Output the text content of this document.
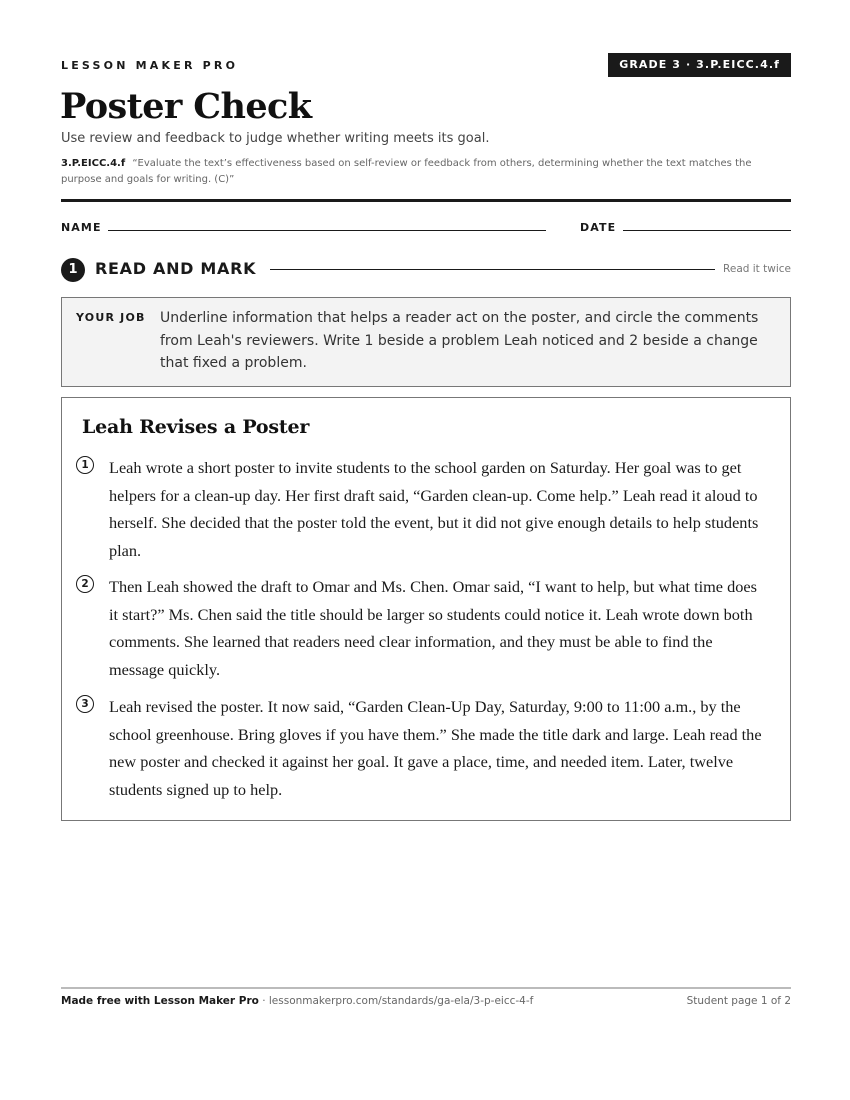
LESSON MAKER PRO	GRADE 3 · 3.P.EICC.4.f
Poster Check
Use review and feedback to judge whether writing meets its goal.
3.P.EICC.4.f “Evaluate the text’s effectiveness based on self-review or feedback from others, determining whether the text matches the purpose and goals for writing. (C)”
NAME	DATE
1	READ AND MARK	Read it twice
YOUR JOB Underline information that helps a reader act on the poster, and circle the comments from Leah's reviewers. Write 1 beside a problem Leah noticed and 2 beside a change that fixed a problem.
Leah Revises a Poster
1	Leah wrote a short poster to invite students to the school garden on Saturday. Her goal was to get helpers for a clean-up day. Her first draft said, “Garden clean-up. Come help.” Leah read it aloud to herself. She decided that the poster told the event, but it did not give enough details to help students plan.
2	Then Leah showed the draft to Omar and Ms. Chen. Omar said, “I want to help, but what time does it start?” Ms. Chen said the title should be larger so students could notice it. Leah wrote down both comments. She learned that readers need clear information, and they must be able to find the message quickly.
3	Leah revised the poster. It now said, “Garden Clean-Up Day, Saturday, 9:00 to 11:00 a.m., by the school greenhouse. Bring gloves if you have them.” She made the title dark and large. Leah read the new poster and checked it against her goal. It gave a place, time, and needed item. Later, twelve students signed up to help.
Made free with Lesson Maker Pro · lessonmakerpro.com/standards/ga-ela/3-p-eicc-4-f	Student page 1 of 2
